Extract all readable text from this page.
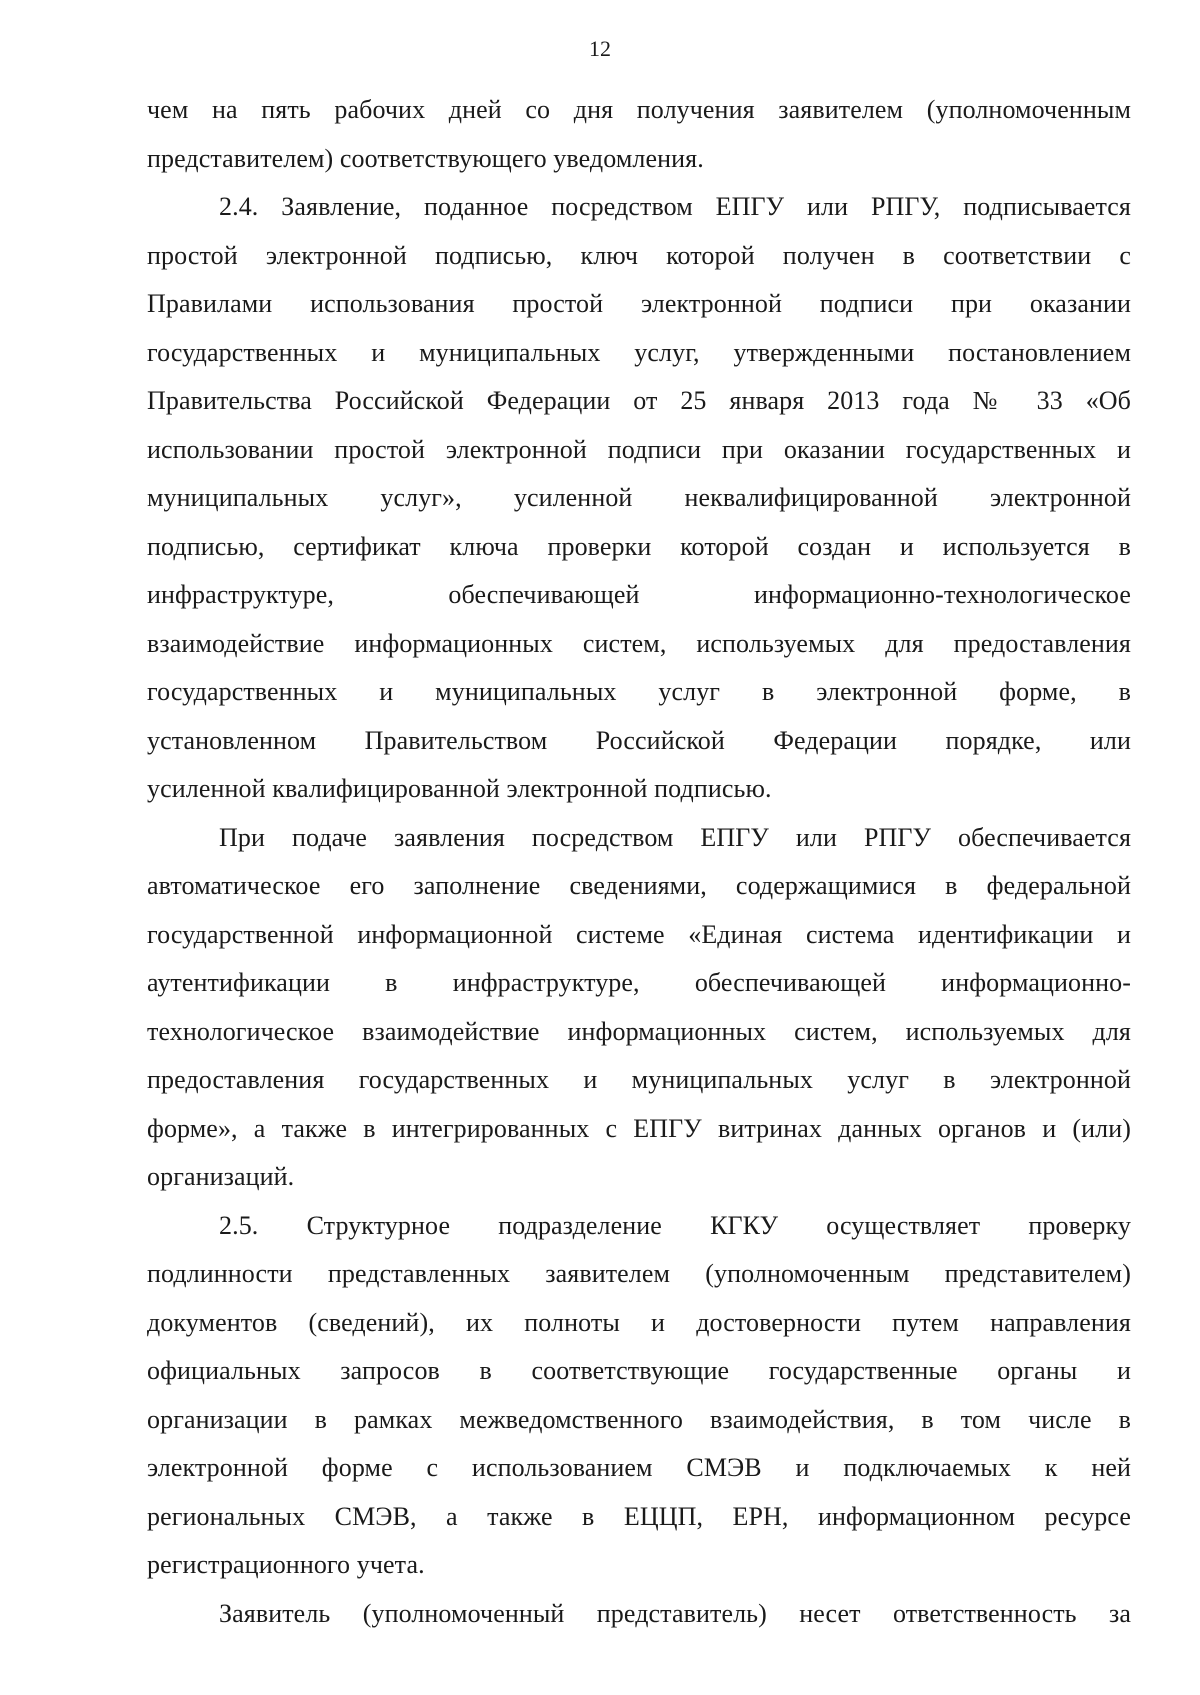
12
чем на пять рабочих дней со дня получения заявителем (уполномоченным
представителем) соответствующего уведомления.
2.4. Заявление, поданное посредством ЕПГУ или РПГУ, подписывается
простой электронной подписью, ключ которой получен в соответствии с
Правилами использования простой электронной подписи при оказании
государственных и муниципальных услуг, утвержденными постановлением
Правительства Российской Федерации от 25 января 2013 года № 33 «Об
использовании простой электронной подписи при оказании государственных и
муниципальных услуг», усиленной неквалифицированной электронной
подписью, сертификат ключа проверки которой создан и используется в
инфраструктуре, обеспечивающей информационно-технологическое
взаимодействие информационных систем, используемых для предоставления
государственных и муниципальных услуг в электронной форме, в
установленном Правительством Российской Федерации порядке, или
усиленной квалифицированной электронной подписью.
При подаче заявления посредством ЕПГУ или РПГУ обеспечивается
автоматическое его заполнение сведениями, содержащимися в федеральной
государственной информационной системе «Единая система идентификации и
аутентификации в инфраструктуре, обеспечивающей информационно-
технологическое взаимодействие информационных систем, используемых для
предоставления государственных и муниципальных услуг в электронной
форме», а также в интегрированных с ЕПГУ витринах данных органов и (или)
организаций.
2.5. Структурное подразделение КГКУ осуществляет проверку
подлинности представленных заявителем (уполномоченным представителем)
документов (сведений), их полноты и достоверности путем направления
официальных запросов в соответствующие государственные органы и
организации в рамках межведомственного взаимодействия, в том числе в
электронной форме с использованием СМЭВ и подключаемых к ней
региональных СМЭВ, а также в ЕЦЦП, ЕРН, информационном ресурсе
регистрационного учета.
Заявитель (уполномоченный представитель) несет ответственность за
